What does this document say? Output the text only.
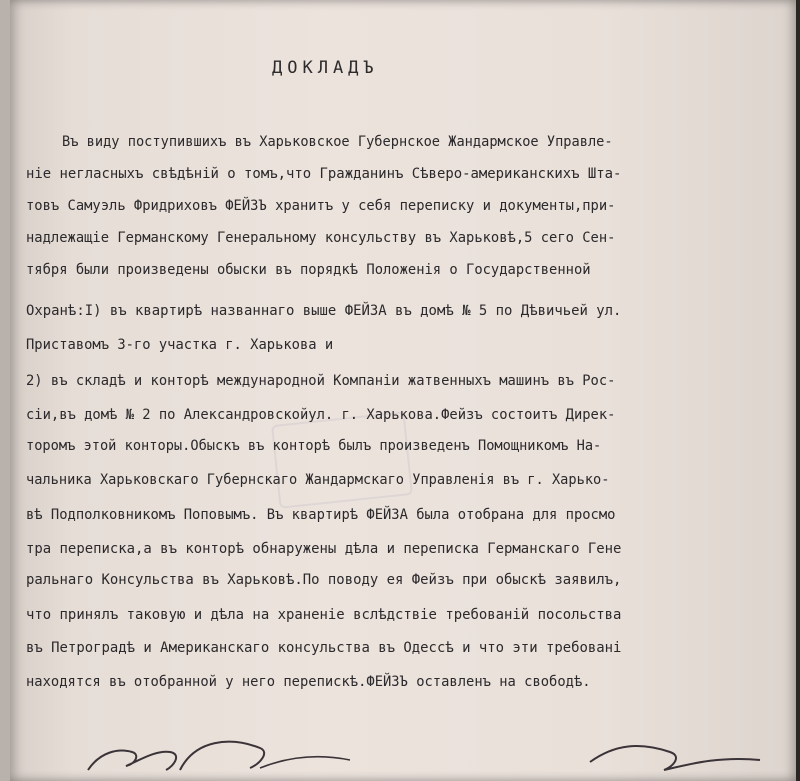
ДОКЛАДЪ
Въ виду поступившихъ въ Харьковское Губернское Жандармское Управле-
ніе негласныхъ свѣдѣній о томъ,что Гражданинъ Сѣверо-американскихъ Шта-
товъ Самуэль Фридриховъ ФЕЙЗЪ хранитъ у себя переписку и документы,при-
надлежащіе Германскому Генеральному консульству въ Харьковѣ,5 сего Сен-
тября были произведены обыски въ порядкѣ Положенія о Государственной
Охранѣ:I) въ квартирѣ названнаго выше ФЕЙЗА въ домѣ № 5 по Дѣвичьей ул.
Приставомъ 3-го участка г. Харькова и
2) въ складѣ и конторѣ международной Компаніи жатвенныхъ машинъ въ Рос-
сіи,въ домѣ № 2 по Александровскойул. г. Харькова.Фейзъ состоитъ Дирек-
торомъ этой конторы.Обыскъ въ конторѣ былъ произведенъ Помощникомъ На-
чальника Харьковскаго Губернскаго Жандармскаго Управленія въ г. Харько-
вѣ Подполковникомъ Поповымъ. Въ квартирѣ ФЕЙЗА была отобрана для просмо
тра переписка,а въ конторѣ обнаружены дѣла и переписка Германскаго Гене
ральнаго Консульства въ Харьковѣ.По поводу ея Фейзъ при обыскѣ заявилъ,
что принялъ таковую и дѣла на храненіе вслѣдствіе требованій посольства
въ Петроградѣ и Американскаго консульства въ Одессѣ и что эти требовані
находятся въ отобранной у него перепискѣ.ФЕЙЗЪ оставленъ на свободѣ.
